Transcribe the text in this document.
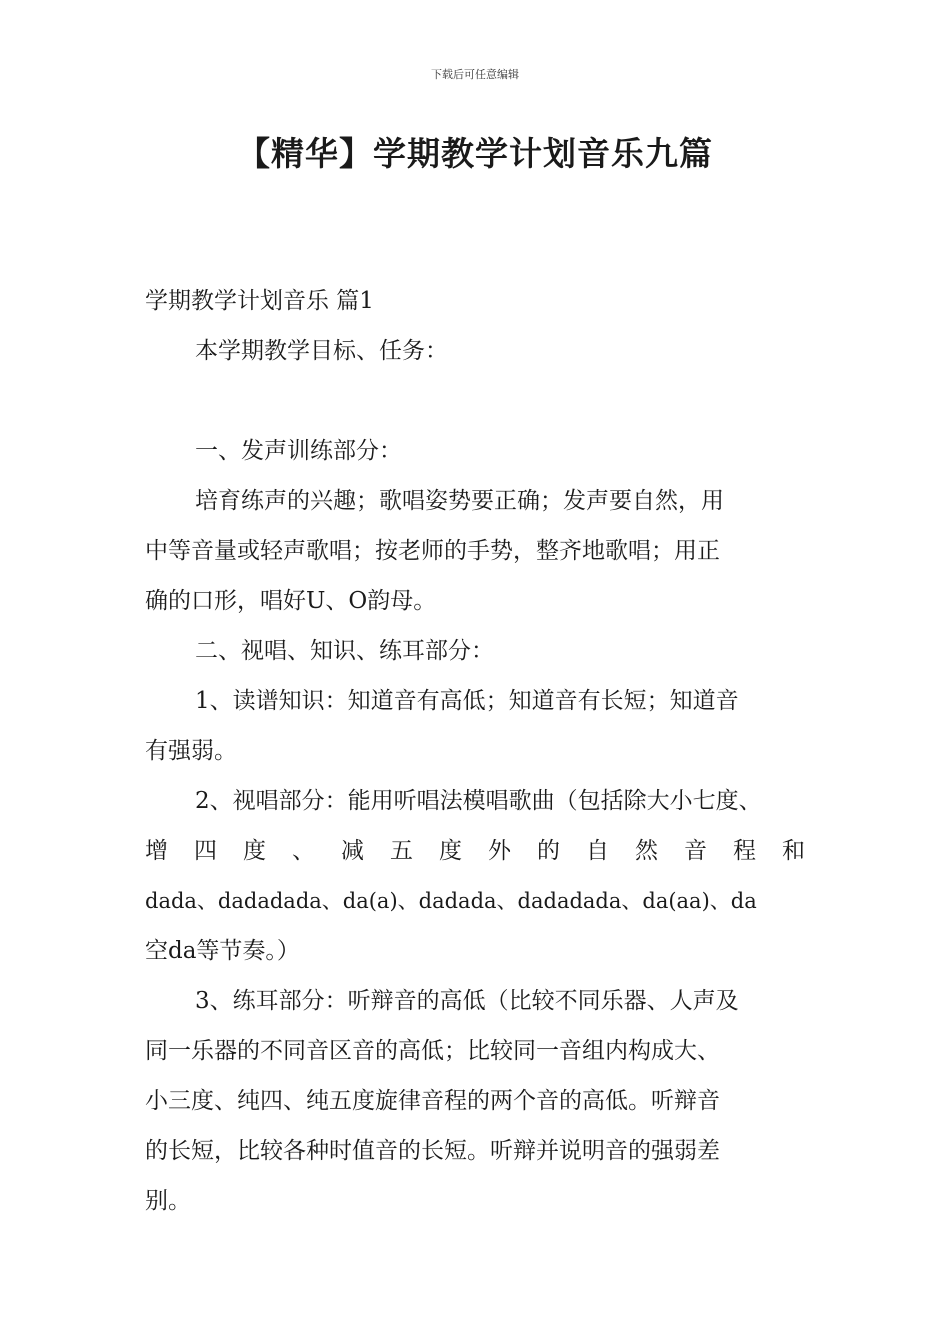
下载后可任意编辑
【精华】学期教学计划音乐九篇

学期教学计划音乐 篇1

本学期教学目标、任务：

一、发声训练部分：

培育练声的兴趣；歌唱姿势要正确；发声要自然，用

中等音量或轻声歌唱；按老师的手势，整齐地歌唱；用正

确的口形，唱好U、O韵母。

二、视唱、知识、练耳部分：

1、读谱知识：知道音有高低；知道音有长短；知道音

有强弱。

2、视唱部分：能用听唱法模唱歌曲（包括除大小七度、

增四度、减五度外的自然音程和

dada、dadadada、da(a)、dadada、dadadada、da(aa)、da

空da等节奏。）

3、练耳部分：听辩音的高低（比较不同乐器、人声及

同一乐器的不同音区音的高低；比较同一音组内构成大、

小三度、纯四、纯五度旋律音程的两个音的高低。听辩音

的长短，比较各种时值音的长短。听辩并说明音的强弱差

别。
